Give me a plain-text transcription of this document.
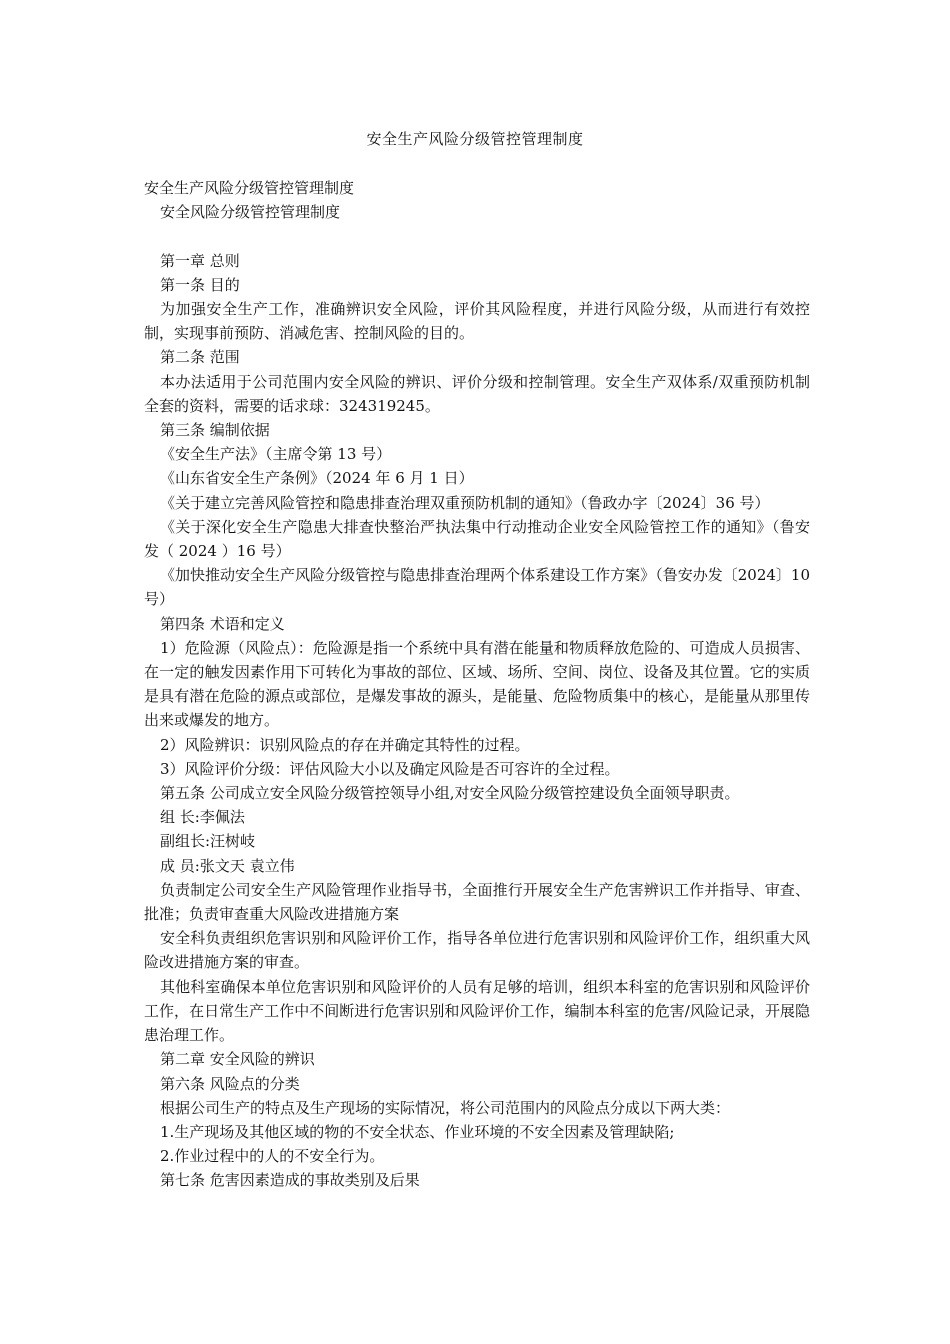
安全生产风险分级管控管理制度

安全生产风险分级管控管理制度

安全风险分级管控管理制度

第一章 总则

第一条 目的

为加强安全生产工作，准确辨识安全风险，评价其风险程度，并进行风险分级，从而进行有效控制，实现事前预防、消减危害、控制风险的目的。

第二条 范围

本办法适用于公司范围内安全风险的辨识、评价分级和控制管理。安全生产双体系/双重预防机制全套的资料，需要的话求球：324319245。

第三条 编制依据

《安全生产法》（主席令第 13 号）

《山东省安全生产条例》（2024 年 6 月 1 日）

《关于建立完善风险管控和隐患排查治理双重预防机制的通知》（鲁政办字〔2024〕36 号）

《关于深化安全生产隐患大排查快整治严执法集中行动推动企业安全风险管控工作的通知》（鲁安发（ 2024 ）16 号）

《加快推动安全生产风险分级管控与隐患排查治理两个体系建设工作方案》（鲁安办发〔2024〕10 号）

第四条 术语和定义

1）危险源（风险点）：危险源是指一个系统中具有潜在能量和物质释放危险的、可造成人员损害、在一定的触发因素作用下可转化为事故的部位、区域、场所、空间、岗位、设备及其位置。它的实质是具有潜在危险的源点或部位，是爆发事故的源头，是能量、危险物质集中的核心，是能量从那里传出来或爆发的地方。

2）风险辨识：识别风险点的存在并确定其特性的过程。

3）风险评价分级：评估风险大小以及确定风险是否可容许的全过程。

第五条 公司成立安全风险分级管控领导小组,对安全风险分级管控建设负全面领导职责。

组 长:李佩法

副组长:汪树岐

成 员:张文天 袁立伟

负责制定公司安全生产风险管理作业指导书，全面推行开展安全生产危害辨识工作并指导、审查、批准；负责审查重大风险改进措施方案

安全科负责组织危害识别和风险评价工作，指导各单位进行危害识别和风险评价工作，组织重大风险改进措施方案的审查。

其他科室确保本单位危害识别和风险评价的人员有足够的培训，组织本科室的危害识别和风险评价工作，在日常生产工作中不间断进行危害识别和风险评价工作，编制本科室的危害/风险记录，开展隐患治理工作。

第二章 安全风险的辨识

第六条 风险点的分类

根据公司生产的特点及生产现场的实际情况，将公司范围内的风险点分成以下两大类：

1.生产现场及其他区域的物的不安全状态、作业环境的不安全因素及管理缺陷;

2.作业过程中的人的不安全行为。

第七条 危害因素造成的事故类别及后果
